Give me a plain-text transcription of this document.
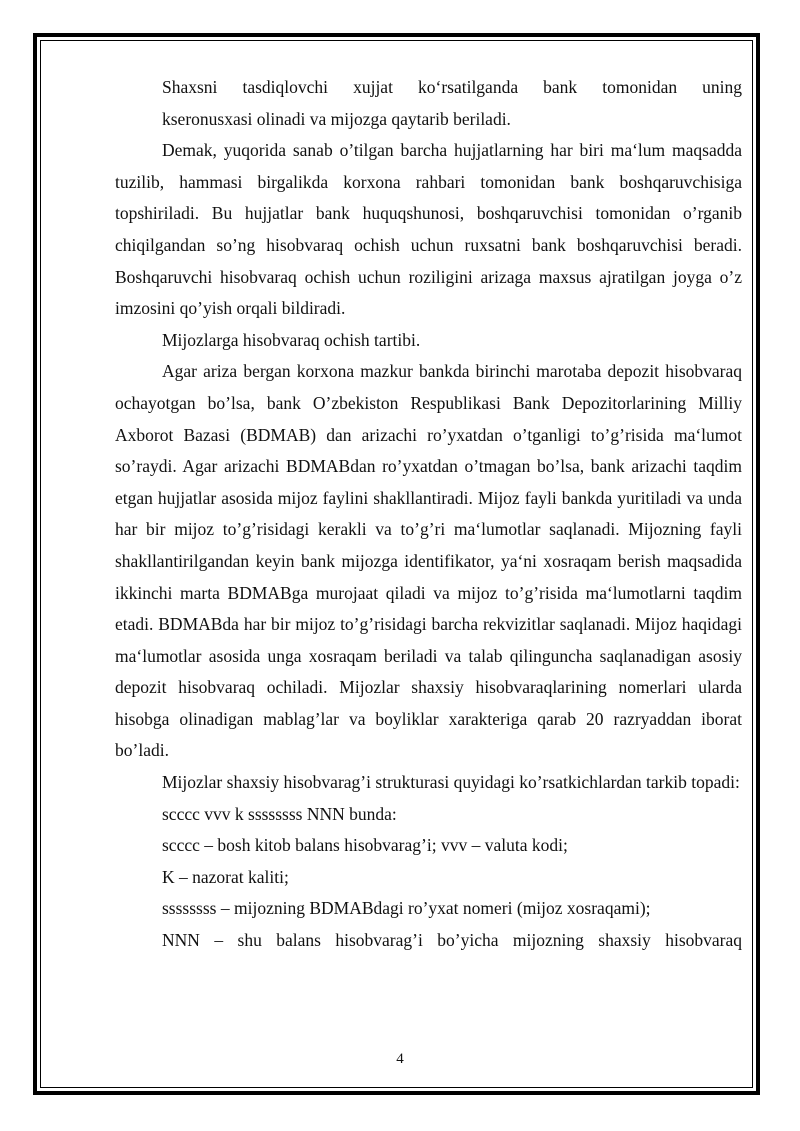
Shaxsni tasdiqlovchi xujjat ko‘rsatilganda bank tomonidan uning

kseronusxasi olinadi va mijozga qaytarib beriladi.

Demak, yuqorida sanab o’tilgan barcha hujjatlarning har biri ma‘lum maqsadda tuzilib, hammasi birgalikda korxona rahbari tomonidan bank boshqaruvchisiga topshiriladi. Bu hujjatlar bank huquqshunosi, boshqaruvchisi tomonidan o’rganib chiqilgandan so’ng hisobvaraq ochish uchun ruxsatni bank boshqaruvchisi beradi. Boshqaruvchi hisobvaraq ochish uchun roziligini arizaga maxsus ajratilgan joyga o’z imzosini qo’yish orqali bildiradi.

Mijozlarga hisobvaraq ochish tartibi.

Agar ariza bergan korxona mazkur bankda birinchi marotaba depozit hisobvaraq ochayotgan bo’lsa, bank O’zbekiston Respublikasi Bank Depozitorlarining Milliy Axborot Bazasi (BDMAB) dan arizachi ro’yxatdan o’tganligi to’g’risida ma‘lumot so’raydi. Agar arizachi BDMABdan ro’yxatdan o’tmagan bo’lsa, bank arizachi taqdim etgan hujjatlar asosida mijoz faylini shakllantiradi. Mijoz fayli bankda yuritiladi va unda har bir mijoz to’g’risidagi kerakli va to’g’ri ma‘lumotlar saqlanadi. Mijozning fayli shakllantirilgandan keyin bank mijozga identifikator, ya‘ni xosraqam berish maqsadida ikkinchi marta BDMABga murojaat qiladi va mijoz to’g’risida ma‘lumotlarni taqdim etadi. BDMABda har bir mijoz to’g’risidagi barcha rekvizitlar saqlanadi. Mijoz haqidagi ma‘lumotlar asosida unga xosraqam beriladi va talab qilinguncha saqlanadigan asosiy depozit hisobvaraq ochiladi. Mijozlar shaxsiy hisobvaraqlarining nomerlari ularda hisobga olinadigan mablag’lar va boyliklar xarakteriga qarab 20 razryaddan iborat bo’ladi.

Mijozlar shaxsiy hisobvarag’i strukturasi quyidagi ko’rsatkichlardan tarkib topadi:

scccc vvv k ssssssss NNN bunda:

scccc – bosh kitob balans hisobvarag’i; vvv – valuta kodi;

K – nazorat kaliti;

ssssssss – mijozning BDMABdagi ro’yxat nomeri (mijoz xosraqami);

NNN – shu balans hisobvarag’i bo’yicha mijozning shaxsiy hisobvaraq

4
